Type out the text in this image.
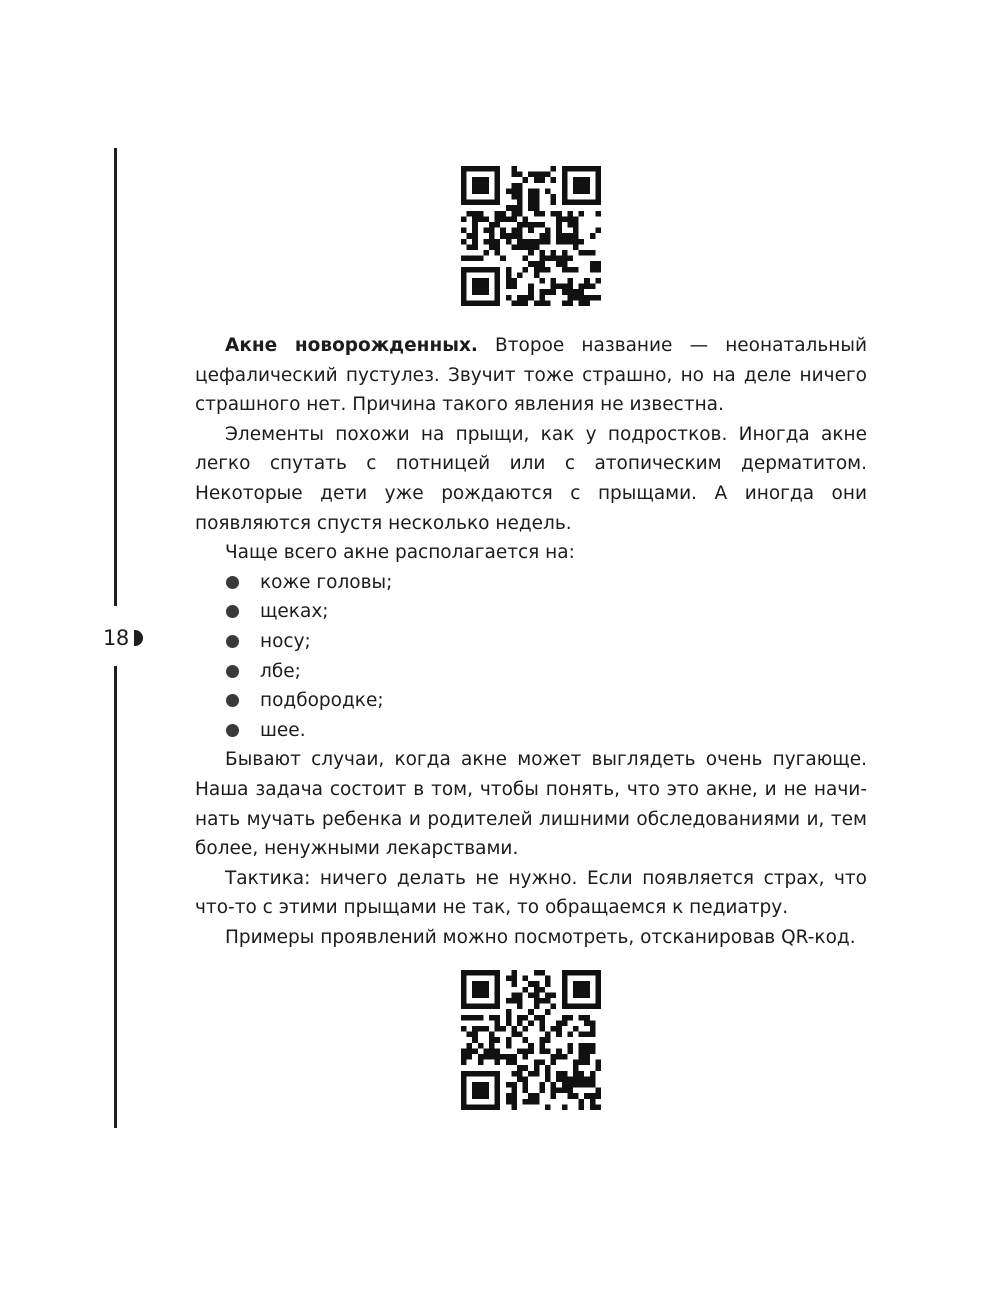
18

Акне новорожденных. Второе название — неонатальный цефалический пустулез. Звучит тоже страшно, но на деле ничего страшного нет. Причина такого явления не известна.

Элементы похожи на прыщи, как у подростков. Иногда акне легко спутать с потницей или с атопическим дерматитом. Некоторые дети уже рождаются с прыщами. А иногда они появляются спустя несколько недель.

Чаще всего акне располагается на:

коже головы;
щеках;
носу;
лбе;
подбородке;
шее.

Бывают случаи, когда акне может выглядеть очень пугающе. Наша задача состоит в том, чтобы понять, что это акне, и не начинать мучать ребенка и родителей лишними обследованиями и, тем более, ненужными лекарствами.

Тактика: ничего делать не нужно. Если появляется страх, что что-то с этими прыщами не так, то обращаемся к педиатру.

Примеры проявлений можно посмотреть, отсканировав QR-код.
